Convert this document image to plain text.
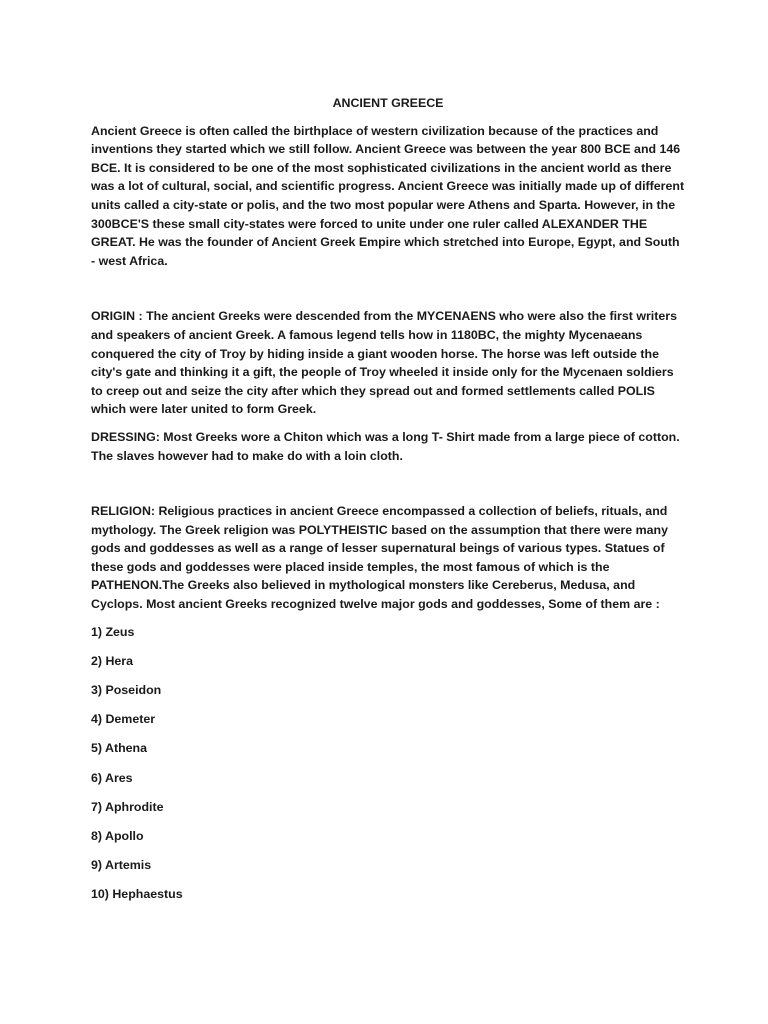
ANCIENT GREECE

Ancient Greece is often called the birthplace of western civilization because of the practices and inventions they started which we still follow. Ancient Greece was between the year 800 BCE and 146 BCE. It is considered to be one of the most sophisticated civilizations in the ancient world as there was a lot of cultural, social, and scientific progress. Ancient Greece was initially made up of different units called a city-state or polis, and the two most popular were Athens and Sparta. However, in the 300BCE'S these small city-states were forced to unite under one ruler called ALEXANDER THE GREAT. He was the founder of Ancient Greek Empire which stretched into Europe, Egypt, and South - west Africa.

ORIGIN : The ancient Greeks were descended from the MYCENAENS who were also the first writers and speakers of ancient Greek. A famous legend tells how in 1180BC, the mighty Mycenaeans conquered the city of Troy by hiding inside a giant wooden horse. The horse was left outside the city's gate and thinking it a gift, the people of Troy wheeled it inside only for the Mycenaen soldiers to creep out and seize the city after which they spread out and formed settlements called POLIS which were later united to form Greek.

DRESSING: Most Greeks wore a Chiton which was a long T- Shirt made from a large piece of cotton. The slaves however had to make do with a loin cloth.

RELIGION: Religious practices in ancient Greece encompassed a collection of beliefs, rituals, and mythology. The Greek religion was POLYTHEISTIC based on the assumption that there were many gods and goddesses as well as a range of lesser supernatural beings of various types. Statues of these gods and goddesses were placed inside temples, the most famous of which is the PATHENON.The Greeks also believed in mythological monsters like Cereberus, Medusa, and Cyclops. Most ancient Greeks recognized twelve major gods and goddesses, Some of them are :

1) Zeus
2) Hera
3) Poseidon
4) Demeter
5) Athena
6) Ares
7) Aphrodite
8) Apollo
9) Artemis
10) Hephaestus
